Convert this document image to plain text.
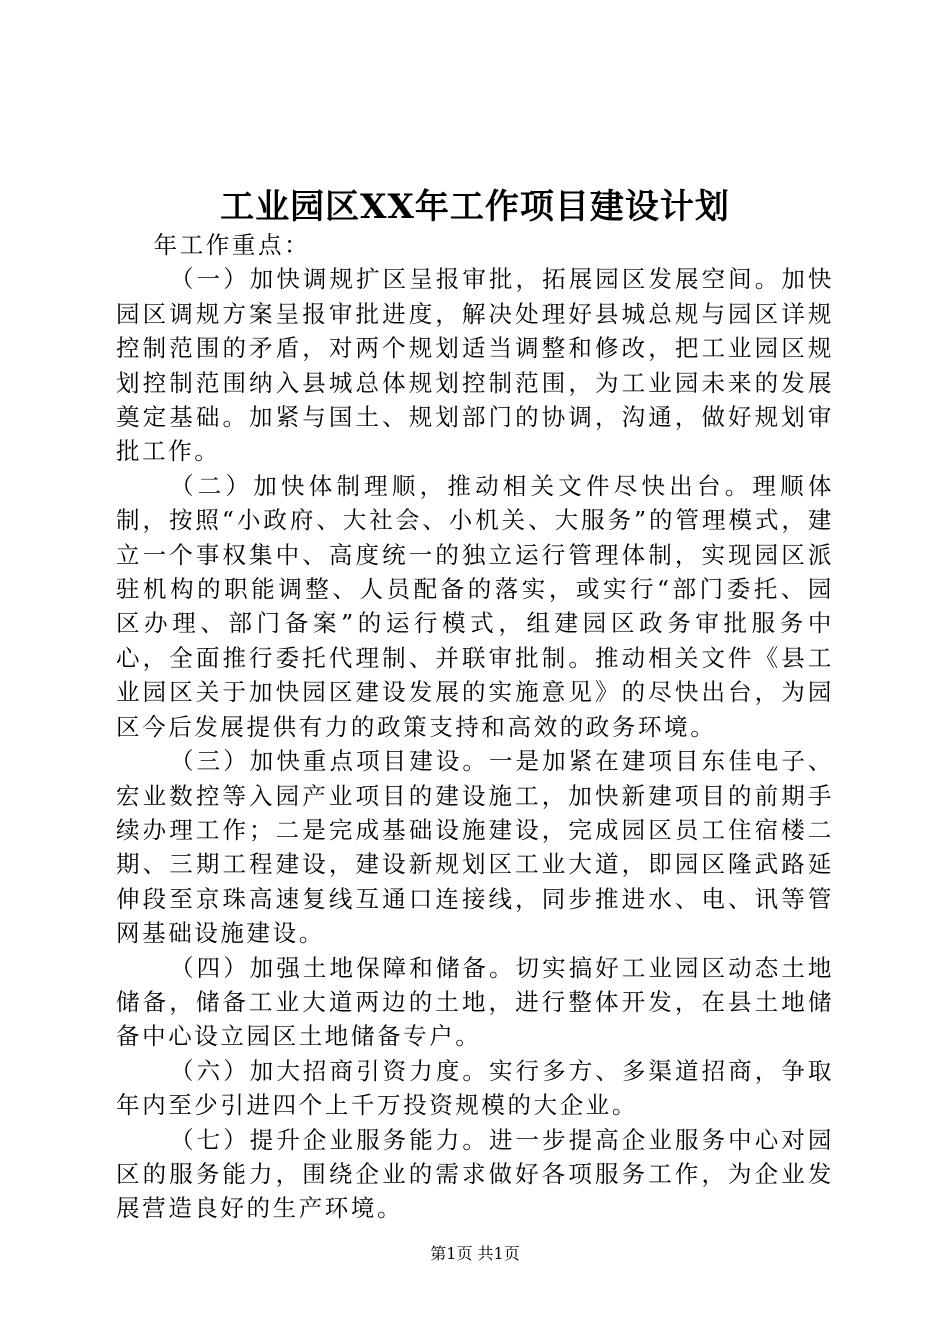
工业园区XX年工作项目建设计划

年工作重点：

（一）加快调规扩区呈报审批，拓展园区发展空间。加快园区调规方案呈报审批进度，解决处理好县城总规与园区详规控制范围的矛盾，对两个规划适当调整和修改，把工业园区规划控制范围纳入县城总体规划控制范围，为工业园未来的发展奠定基础。加紧与国土、规划部门的协调，沟通，做好规划审批工作。

（二）加快体制理顺，推动相关文件尽快出台。理顺体制，按照“小政府、大社会、小机关、大服务”的管理模式，建立一个事权集中、高度统一的独立运行管理体制，实现园区派驻机构的职能调整、人员配备的落实，或实行“部门委托、园区办理、部门备案”的运行模式，组建园区政务审批服务中心，全面推行委托代理制、并联审批制。推动相关文件《县工业园区关于加快园区建设发展的实施意见》的尽快出台，为园区今后发展提供有力的政策支持和高效的政务环境。

（三）加快重点项目建设。一是加紧在建项目东佳电子、宏业数控等入园产业项目的建设施工，加快新建项目的前期手续办理工作；二是完成基础设施建设，完成园区员工住宿楼二期、三期工程建设，建设新规划区工业大道，即园区隆武路延伸段至京珠高速复线互通口连接线，同步推进水、电、讯等管网基础设施建设。

（四）加强土地保障和储备。切实搞好工业园区动态土地储备，储备工业大道两边的土地，进行整体开发，在县土地储备中心设立园区土地储备专户。

（六）加大招商引资力度。实行多方、多渠道招商，争取年内至少引进四个上千万投资规模的大企业。

（七）提升企业服务能力。进一步提高企业服务中心对园区的服务能力，围绕企业的需求做好各项服务工作，为企业发展营造良好的生产环境。

第1页 共1页
